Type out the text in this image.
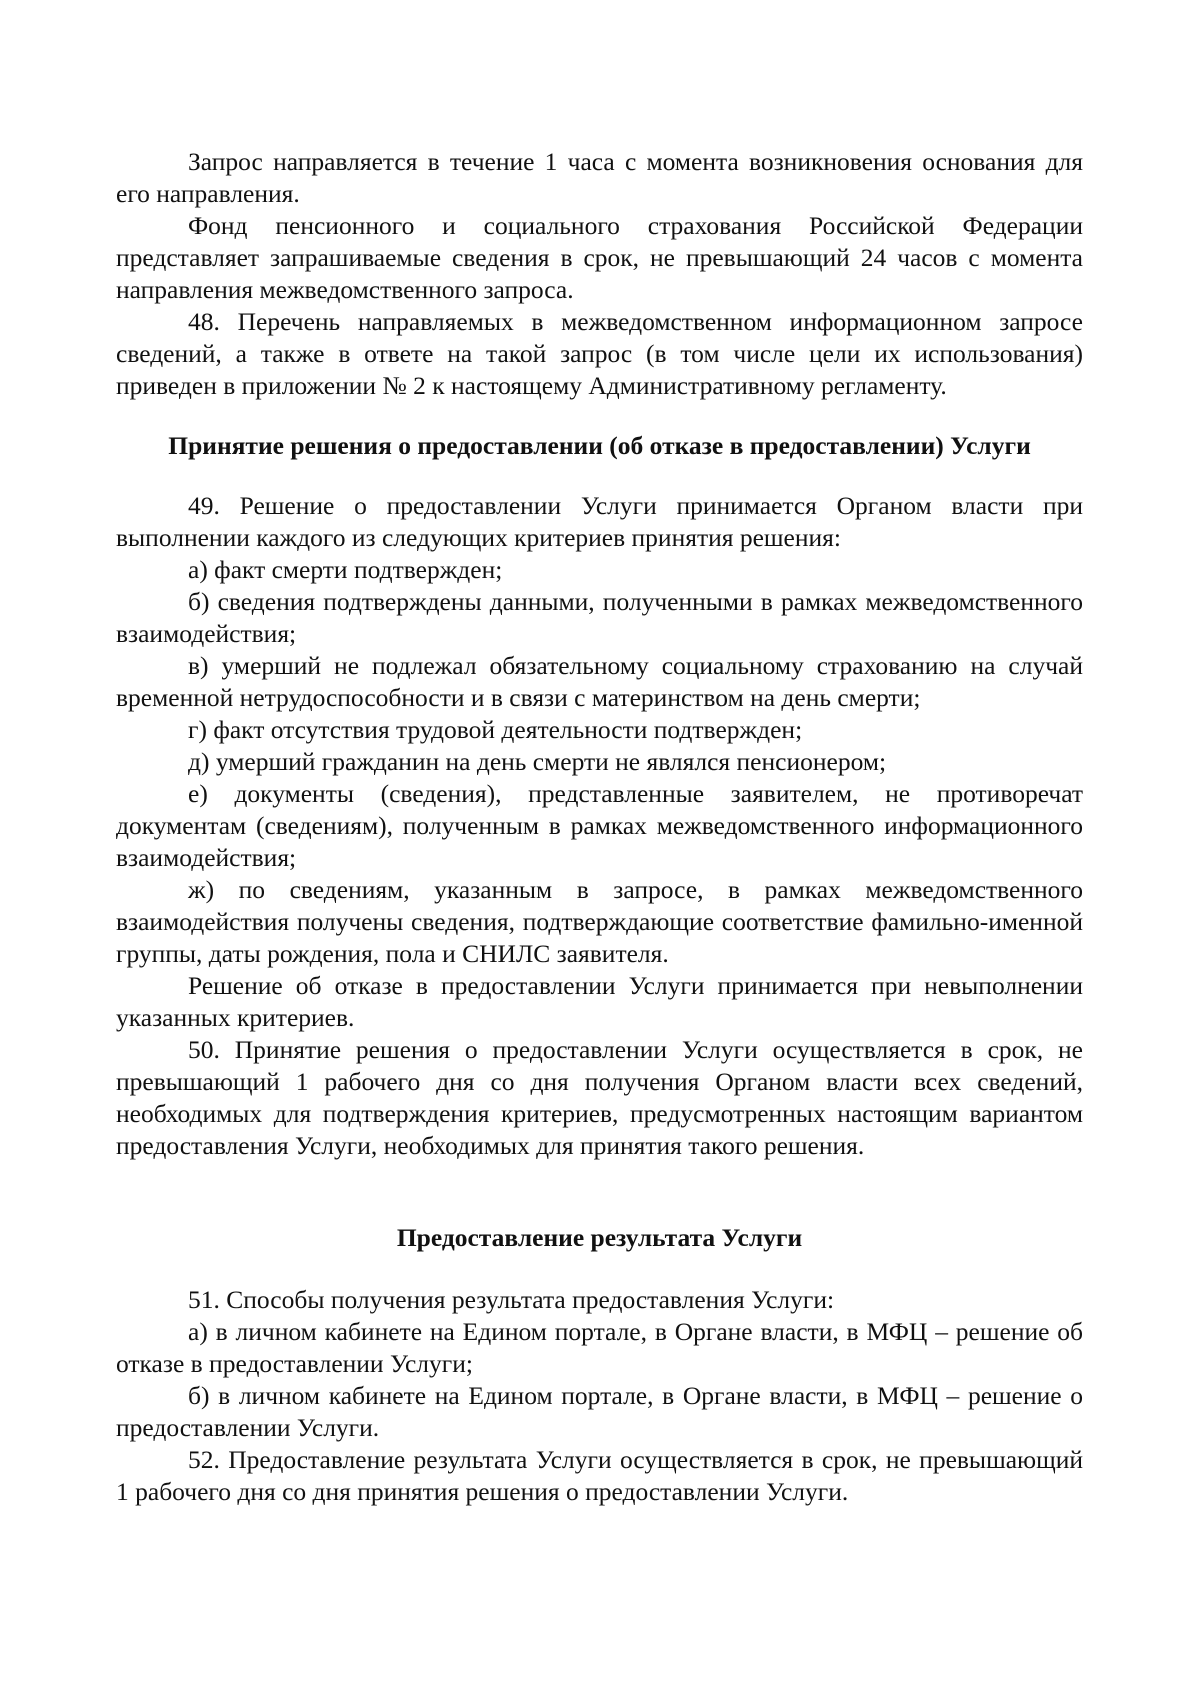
Запрос направляется в течение 1 часа с момента возникновения основания для его направления.

Фонд пенсионного и социального страхования Российской Федерации представляет запрашиваемые сведения в срок, не превышающий 24 часов с момента направления межведомственного запроса.

48. Перечень направляемых в межведомственном информационном запросе сведений, а также в ответе на такой запрос (в том числе цели их использования) приведен в приложении № 2 к настоящему Административному регламенту.

Принятие решения о предоставлении (об отказе в предоставлении) Услуги

49. Решение о предоставлении Услуги принимается Органом власти при выполнении каждого из следующих критериев принятия решения:

а) факт смерти подтвержден;

б) сведения подтверждены данными, полученными в рамках межведомственного взаимодействия;

в) умерший не подлежал обязательному социальному страхованию на случай временной нетрудоспособности и в связи с материнством на день смерти;

г) факт отсутствия трудовой деятельности подтвержден;

д) умерший гражданин на день смерти не являлся пенсионером;

е) документы (сведения), представленные заявителем, не противоречат документам (сведениям), полученным в рамках межведомственного информационного взаимодействия;

ж) по сведениям, указанным в запросе, в рамках межведомственного взаимодействия получены сведения, подтверждающие соответствие фамильно-именной группы, даты рождения, пола и СНИЛС заявителя.

Решение об отказе в предоставлении Услуги принимается при невыполнении указанных критериев.

50. Принятие решения о предоставлении Услуги осуществляется в срок, не превышающий 1 рабочего дня со дня получения Органом власти всех сведений, необходимых для подтверждения критериев, предусмотренных настоящим вариантом предоставления Услуги, необходимых для принятия такого решения.

Предоставление результата Услуги

51. Способы получения результата предоставления Услуги:

а) в личном кабинете на Едином портале, в Органе власти, в МФЦ – решение об отказе в предоставлении Услуги;

б) в личном кабинете на Едином портале, в Органе власти, в МФЦ – решение о предоставлении Услуги.

52. Предоставление результата Услуги осуществляется в срок, не превышающий 1 рабочего дня со дня принятия решения о предоставлении Услуги.
